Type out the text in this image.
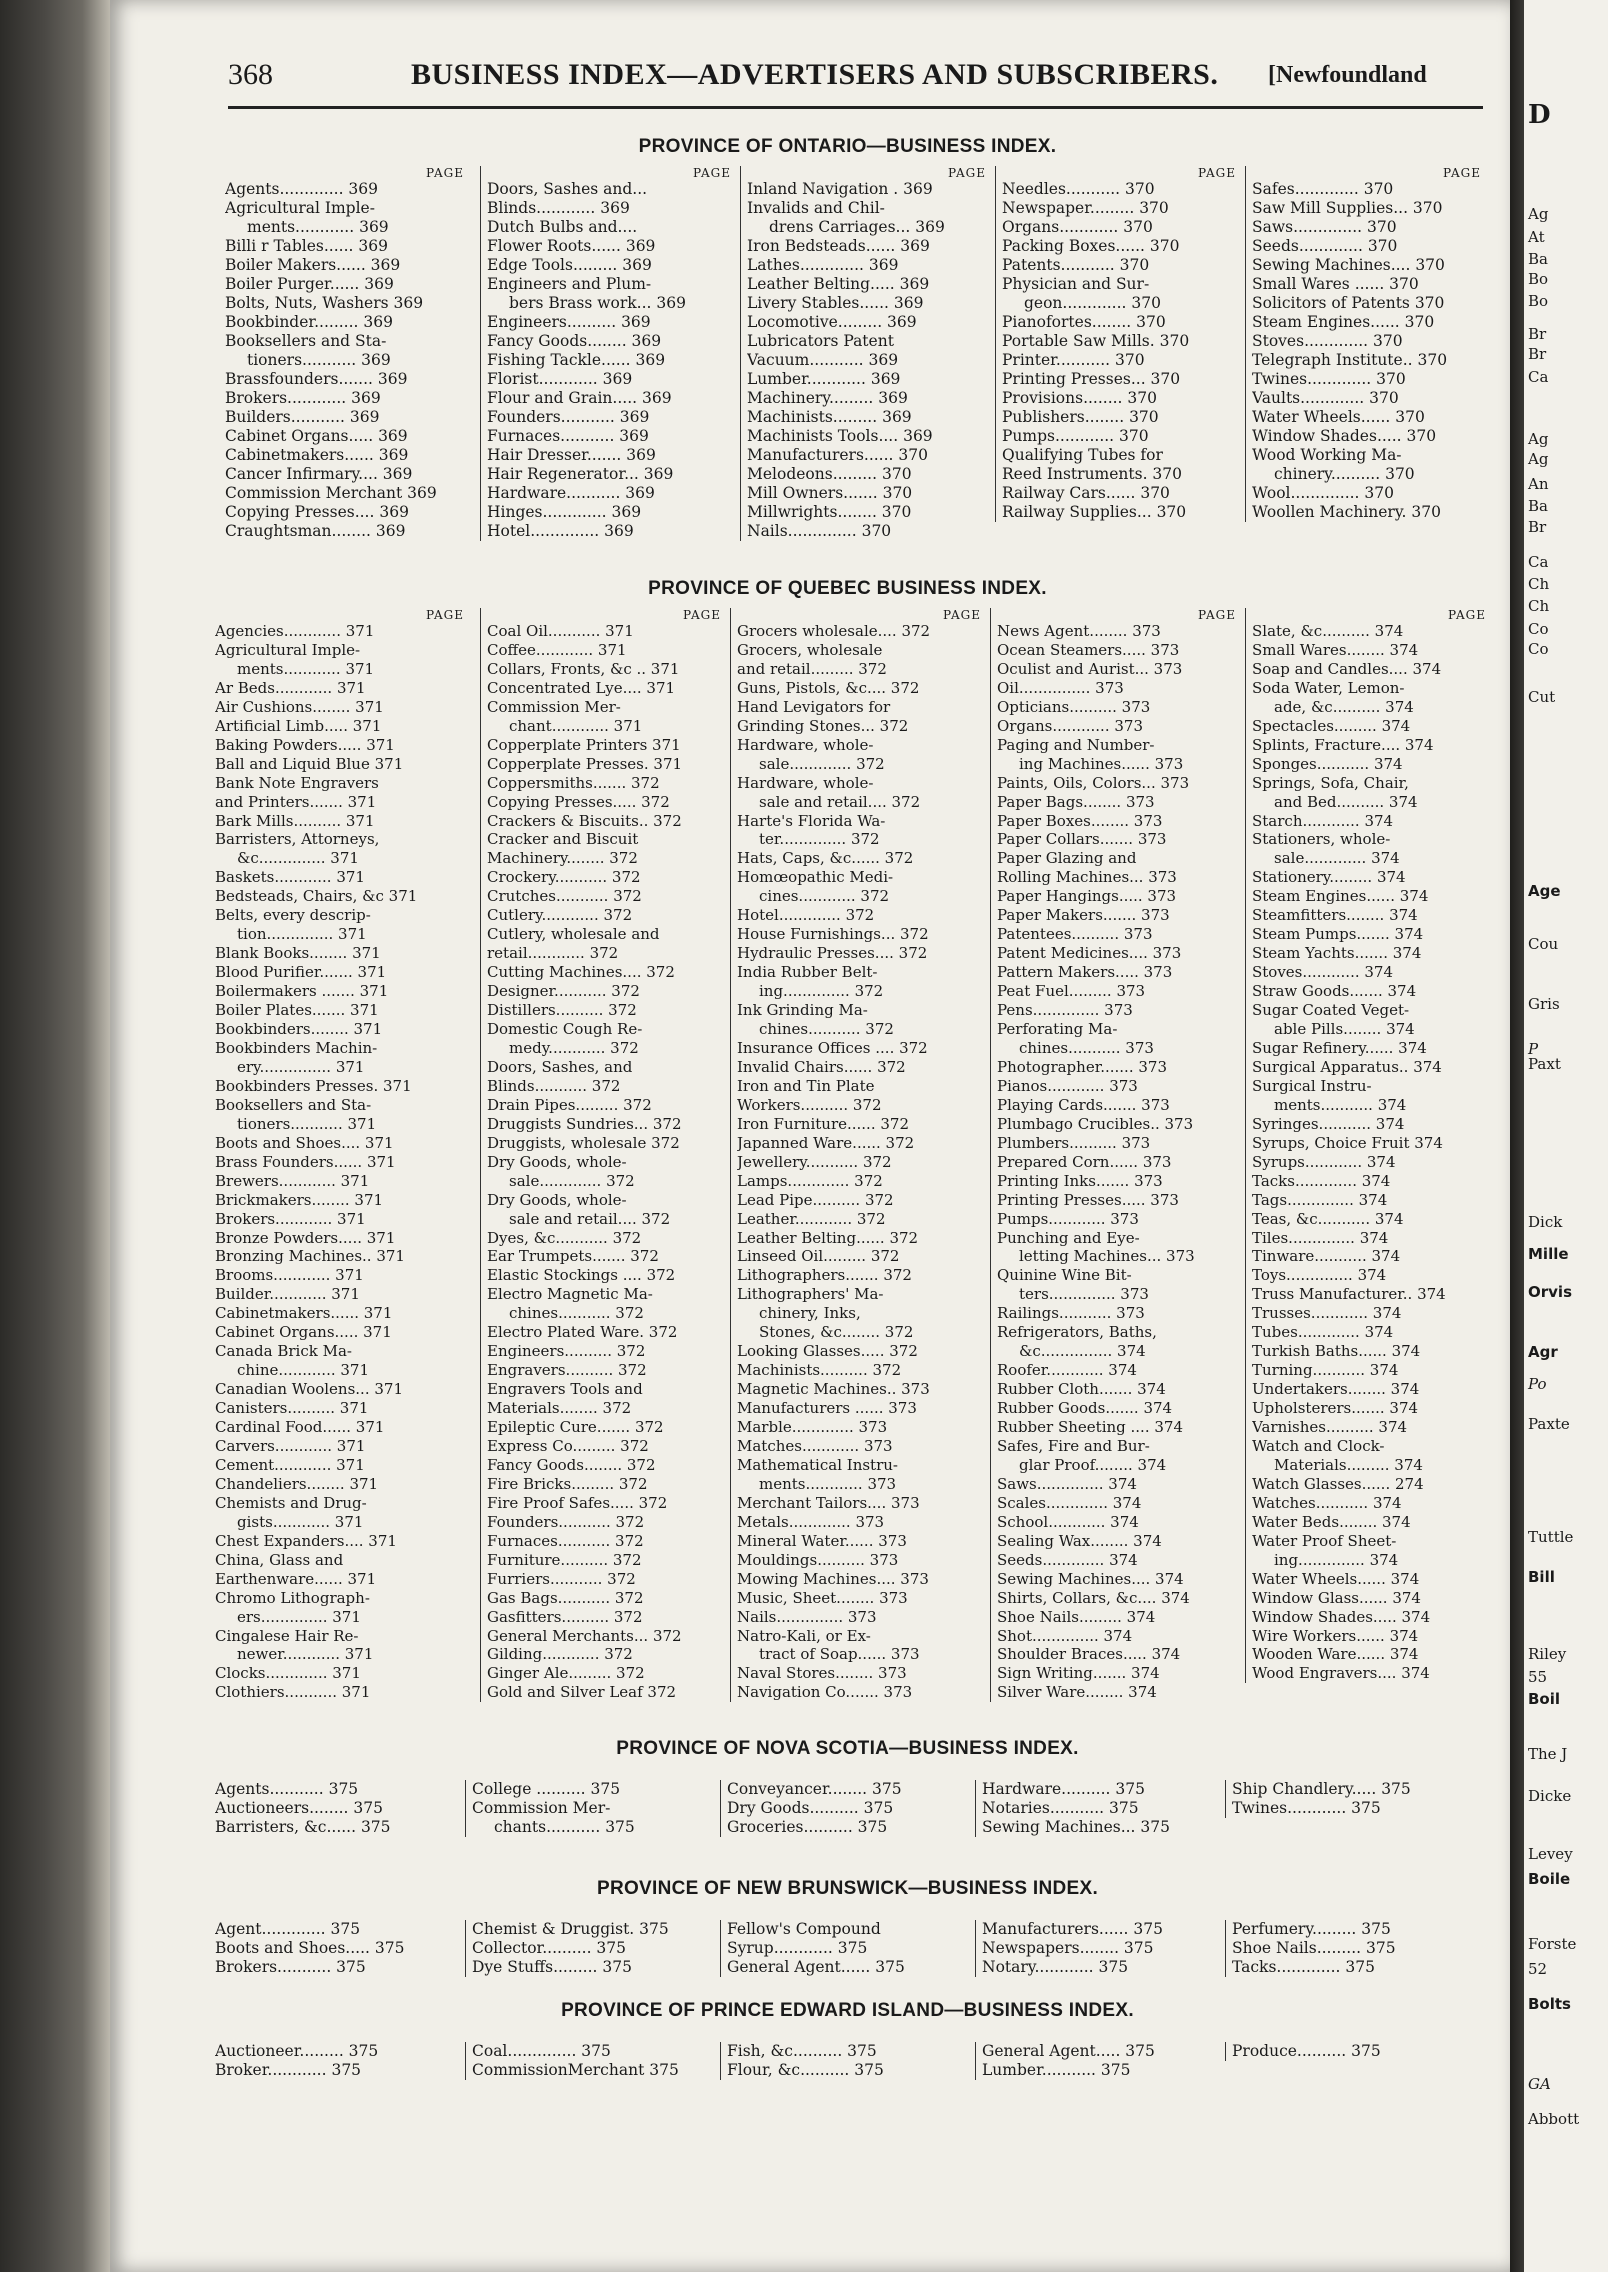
D
Ag
At
Ba
Bo
Bo
Br
Br
Ca
Ag
Ag
An
Ba
Br
Ca
Ch
Ch
Co
Co
Cut
Age
Cou
Gris
P
Paxt
Dick
Mille
Orvis
Agr
Po
Paxte
Tuttle
Bill
Riley
55
Boil
The J
Dicke
Levey
Boile
Forste
52
Bolts
GA
Abbott
368	BUSINESS INDEX—ADVERTISERS AND SUBSCRIBERS. [Newfoundland
PROVINCE OF ONTARIO—BUSINESS INDEX.
PAGE
Agents............. 369
Agricultural Imple-
ments............ 369
Billi r Tables...... 369
Boiler Makers...... 369
Boiler Purger...... 369
Bolts, Nuts, Washers 369
Bookbinder......... 369
Booksellers and Sta-
tioners........... 369
Brassfounders....... 369
Brokers............ 369
Builders........... 369
Cabinet Organs..... 369
Cabinetmakers...... 369
Cancer Infirmary.... 369
Commission Merchant 369
Copying Presses.... 369
Craughtsman........ 369
PAGE
Doors, Sashes and...
Blinds............ 369
Dutch Bulbs and....
Flower Roots...... 369
Edge Tools......... 369
Engineers and Plum-
bers Brass work... 369
Engineers.......... 369
Fancy Goods........ 369
Fishing Tackle...... 369
Florist............ 369
Flour and Grain..... 369
Founders........... 369
Furnaces........... 369
Hair Dresser....... 369
Hair Regenerator... 369
Hardware........... 369
Hinges............. 369
Hotel.............. 369
PAGE
Inland Navigation . 369
Invalids and Chil-
drens Carriages... 369
Iron Bedsteads...... 369
Lathes............. 369
Leather Belting..... 369
Livery Stables...... 369
Locomotive......... 369
Lubricators Patent
Vacuum........... 369
Lumber............ 369
Machinery......... 369
Machinists......... 369
Machinists Tools.... 369
Manufacturers...... 370
Melodeons......... 370
Mill Owners....... 370
Millwrights........ 370
Nails.............. 370
PAGE
Needles........... 370
Newspaper......... 370
Organs............ 370
Packing Boxes...... 370
Patents........... 370
Physician and Sur-
geon............. 370
Pianofortes........ 370
Portable Saw Mills. 370
Printer........... 370
Printing Presses... 370
Provisions........ 370
Publishers........ 370
Pumps............ 370
Qualifying Tubes for
Reed Instruments. 370
Railway Cars...... 370
Railway Supplies... 370
PAGE
Safes............. 370
Saw Mill Supplies... 370
Saws.............. 370
Seeds............. 370
Sewing Machines.... 370
Small Wares ...... 370
Solicitors of Patents 370
Steam Engines...... 370
Stoves............. 370
Telegraph Institute.. 370
Twines............. 370
Vaults............. 370
Water Wheels...... 370
Window Shades..... 370
Wood Working Ma-
chinery.......... 370
Wool.............. 370
Woollen Machinery. 370
PROVINCE OF QUEBEC BUSINESS INDEX.
PAGE
Agencies............ 371
Agricultural Imple-
ments............ 371
Ar Beds............ 371
Air Cushions........ 371
Artificial Limb..... 371
Baking Powders..... 371
Ball and Liquid Blue 371
Bank Note Engravers
and Printers....... 371
Bark Mills.......... 371
Barristers, Attorneys,
&c.............. 371
Baskets............ 371
Bedsteads, Chairs, &c 371
Belts, every descrip-
tion.............. 371
Blank Books........ 371
Blood Purifier....... 371
Boilermakers ....... 371
Boiler Plates....... 371
Bookbinders........ 371
Bookbinders Machin-
ery............... 371
Bookbinders Presses. 371
Booksellers and Sta-
tioners........... 371
Boots and Shoes.... 371
Brass Founders...... 371
Brewers............ 371
Brickmakers........ 371
Brokers............ 371
Bronze Powders..... 371
Bronzing Machines.. 371
Brooms............ 371
Builder............ 371
Cabinetmakers...... 371
Cabinet Organs..... 371
Canada Brick Ma-
chine............ 371
Canadian Woolens... 371
Canisters.......... 371
Cardinal Food...... 371
Carvers............ 371
Cement............ 371
Chandeliers........ 371
Chemists and Drug-
gists............ 371
Chest Expanders.... 371
China, Glass and
Earthenware...... 371
Chromo Lithograph-
ers.............. 371
Cingalese Hair Re-
newer............ 371
Clocks............. 371
Clothiers........... 371
PAGE
Coal Oil........... 371
Coffee............ 371
Collars, Fronts, &c .. 371
Concentrated Lye.... 371
Commission Mer-
chant............ 371
Copperplate Printers 371
Copperplate Presses. 371
Coppersmiths....... 372
Copying Presses..... 372
Crackers & Biscuits.. 372
Cracker and Biscuit
Machinery........ 372
Crockery........... 372
Crutches........... 372
Cutlery............ 372
Cutlery, wholesale and
retail............ 372
Cutting Machines.... 372
Designer........... 372
Distillers.......... 372
Domestic Cough Re-
medy............ 372
Doors, Sashes, and
Blinds........... 372
Drain Pipes......... 372
Druggists Sundries... 372
Druggists, wholesale 372
Dry Goods, whole-
sale............. 372
Dry Goods, whole-
sale and retail.... 372
Dyes, &c........... 372
Ear Trumpets....... 372
Elastic Stockings .... 372
Electro Magnetic Ma-
chines........... 372
Electro Plated Ware. 372
Engineers.......... 372
Engravers.......... 372
Engravers Tools and
Materials........ 372
Epileptic Cure....... 372
Express Co......... 372
Fancy Goods........ 372
Fire Bricks......... 372
Fire Proof Safes..... 372
Founders........... 372
Furnaces........... 372
Furniture.......... 372
Furriers........... 372
Gas Bags........... 372
Gasfitters.......... 372
General Merchants... 372
Gilding............ 372
Ginger Ale......... 372
Gold and Silver Leaf 372
PAGE
Grocers wholesale.... 372
Grocers, wholesale
and retail......... 372
Guns, Pistols, &c.... 372
Hand Levigators for
Grinding Stones... 372
Hardware, whole-
sale............. 372
Hardware, whole-
sale and retail.... 372
Harte's Florida Wa-
ter.............. 372
Hats, Caps, &c...... 372
Homœopathic Medi-
cines............ 372
Hotel............. 372
House Furnishings... 372
Hydraulic Presses.... 372
India Rubber Belt-
ing.............. 372
Ink Grinding Ma-
chines........... 372
Insurance Offices .... 372
Invalid Chairs...... 372
Iron and Tin Plate
Workers.......... 372
Iron Furniture...... 372
Japanned Ware...... 372
Jewellery........... 372
Lamps............. 372
Lead Pipe.......... 372
Leather............ 372
Leather Belting...... 372
Linseed Oil......... 372
Lithographers....... 372
Lithographers' Ma-
chinery, Inks,
Stones, &c........ 372
Looking Glasses..... 372
Machinists.......... 372
Magnetic Machines.. 373
Manufacturers ...... 373
Marble............. 373
Matches............ 373
Mathematical Instru-
ments............ 373
Merchant Tailors.... 373
Metals............. 373
Mineral Water...... 373
Mouldings.......... 373
Mowing Machines.... 373
Music, Sheet........ 373
Nails.............. 373
Natro-Kali, or Ex-
tract of Soap...... 373
Naval Stores........ 373
Navigation Co....... 373
PAGE
News Agent........ 373
Ocean Steamers..... 373
Oculist and Aurist... 373
Oil............... 373
Opticians.......... 373
Organs............ 373
Paging and Number-
ing Machines...... 373
Paints, Oils, Colors... 373
Paper Bags........ 373
Paper Boxes........ 373
Paper Collars....... 373
Paper Glazing and
Rolling Machines... 373
Paper Hangings..... 373
Paper Makers....... 373
Patentees.......... 373
Patent Medicines.... 373
Pattern Makers..... 373
Peat Fuel......... 373
Pens.............. 373
Perforating Ma-
chines........... 373
Photographer....... 373
Pianos............ 373
Playing Cards....... 373
Plumbago Crucibles.. 373
Plumbers.......... 373
Prepared Corn...... 373
Printing Inks....... 373
Printing Presses..... 373
Pumps............ 373
Punching and Eye-
letting Machines... 373
Quinine Wine Bit-
ters.............. 373
Railings........... 373
Refrigerators, Baths,
&c............... 374
Roofer............ 374
Rubber Cloth....... 374
Rubber Goods....... 374
Rubber Sheeting .... 374
Safes, Fire and Bur-
glar Proof........ 374
Saws.............. 374
Scales............. 374
School............ 374
Sealing Wax........ 374
Seeds............. 374
Sewing Machines.... 374
Shirts, Collars, &c.... 374
Shoe Nails......... 374
Shot.............. 374
Shoulder Braces..... 374
Sign Writing....... 374
Silver Ware........ 374
PAGE
Slate, &c.......... 374
Small Wares........ 374
Soap and Candles.... 374
Soda Water, Lemon-
ade, &c.......... 374
Spectacles......... 374
Splints, Fracture.... 374
Sponges........... 374
Springs, Sofa, Chair,
and Bed.......... 374
Starch............ 374
Stationers, whole-
sale............. 374
Stationery......... 374
Steam Engines...... 374
Steamfitters........ 374
Steam Pumps....... 374
Steam Yachts....... 374
Stoves............ 374
Straw Goods....... 374
Sugar Coated Veget-
able Pills........ 374
Sugar Refinery...... 374
Surgical Apparatus.. 374
Surgical Instru-
ments........... 374
Syringes........... 374
Syrups, Choice Fruit 374
Syrups............ 374
Tacks............. 374
Tags.............. 374
Teas, &c........... 374
Tiles.............. 374
Tinware........... 374
Toys.............. 374
Truss Manufacturer.. 374
Trusses............ 374
Tubes............. 374
Turkish Baths...... 374
Turning........... 374
Undertakers........ 374
Upholsterers....... 374
Varnishes.......... 374
Watch and Clock-
Materials......... 374
Watch Glasses...... 274
Watches........... 374
Water Beds........ 374
Water Proof Sheet-
ing.............. 374
Water Wheels...... 374
Window Glass...... 374
Window Shades..... 374
Wire Workers...... 374
Wooden Ware...... 374
Wood Engravers.... 374
PROVINCE OF NOVA SCOTIA—BUSINESS INDEX.
Agents........... 375
Auctioneers........ 375
Barristers, &c...... 375
College .......... 375
Commission Mer-
chants........... 375
Conveyancer........ 375
Dry Goods.......... 375
Groceries.......... 375
Hardware.......... 375
Notaries........... 375
Sewing Machines... 375
Ship Chandlery..... 375
Twines............ 375
PROVINCE OF NEW BRUNSWICK—BUSINESS INDEX.
Agent............. 375
Boots and Shoes..... 375
Brokers........... 375
Chemist & Druggist. 375
Collector.......... 375
Dye Stuffs......... 375
Fellow's Compound
Syrup............ 375
General Agent...... 375
Manufacturers...... 375
Newspapers........ 375
Notary............ 375
Perfumery......... 375
Shoe Nails......... 375
Tacks............. 375
PROVINCE OF PRINCE EDWARD ISLAND—BUSINESS INDEX.
Auctioneer......... 375
Broker............ 375
Coal.............. 375
CommissionMerchant 375
Fish, &c.......... 375
Flour, &c.......... 375
General Agent..... 375
Lumber........... 375
Produce.......... 375
